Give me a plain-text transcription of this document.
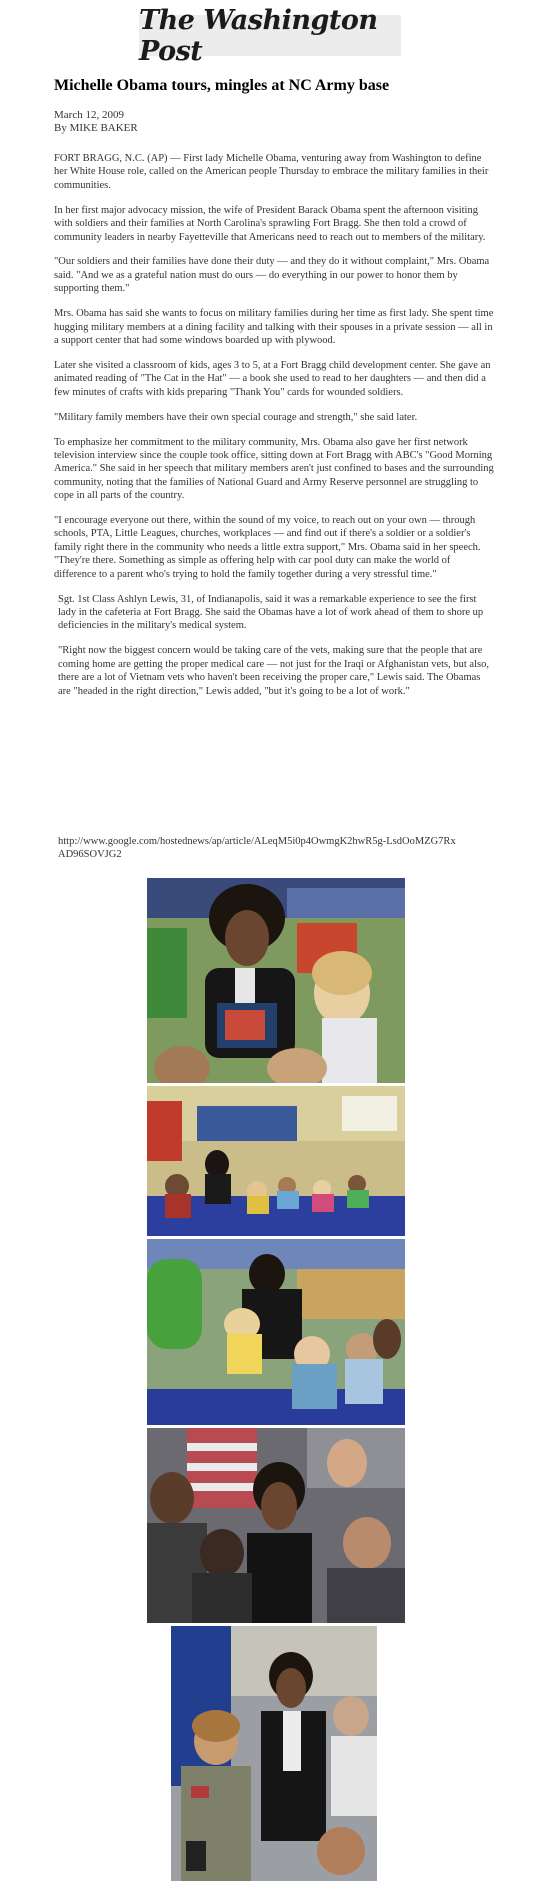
The Washington Post
Michelle Obama tours, mingles at NC Army base
March 12, 2009
By MIKE BAKER

FORT BRAGG, N.C. (AP) — First lady Michelle Obama, venturing away from Washington to define her White House role, called on the American people Thursday to embrace the military families in their communities.

In her first major advocacy mission, the wife of President Barack Obama spent the afternoon visiting with soldiers and their families at North Carolina's sprawling Fort Bragg. She then told a crowd of community leaders in nearby Fayetteville that Americans need to reach out to members of the military.

"Our soldiers and their families have done their duty — and they do it without complaint," Mrs. Obama said. "And we as a grateful nation must do ours — do everything in our power to honor them by supporting them."

Mrs. Obama has said she wants to focus on military families during her time as first lady. She spent time hugging military members at a dining facility and talking with their spouses in a private session — all in a support center that had some windows boarded up with plywood.

Later she visited a classroom of kids, ages 3 to 5, at a Fort Bragg child development center. She gave an animated reading of "The Cat in the Hat" — a book she used to read to her daughters — and then did a few minutes of crafts with kids preparing "Thank You" cards for wounded soldiers.

"Military family members have their own special courage and strength," she said later.

To emphasize her commitment to the military community, Mrs. Obama also gave her first network television interview since the couple took office, sitting down at Fort Bragg with ABC's "Good Morning America." She said in her speech that military members aren't just confined to bases and the surrounding community, noting that the families of National Guard and Army Reserve personnel are struggling to cope in all parts of the country.

"I encourage everyone out there, within the sound of my voice, to reach out on your own — through schools, PTA, Little Leagues, churches, workplaces — and find out if there's a soldier or a soldier's family right there in the community who needs a little extra support," Mrs. Obama said in her speech. "They're there. Something as simple as offering help with car pool duty can make the world of difference to a parent who's trying to hold the family together during a very stressful time."

Sgt. 1st Class Ashlyn Lewis, 31, of Indianapolis, said it was a remarkable experience to see the first lady in the cafeteria at Fort Bragg. She said the Obamas have a lot of work ahead of them to shore up deficiencies in the military's medical system.

"Right now the biggest concern would be taking care of the vets, making sure that the people that are coming home are getting the proper medical care — not just for the Iraqi or Afghanistan vets, but also, there are a lot of Vietnam vets who haven't been receiving the proper care," Lewis said. The Obamas are "headed in the right direction," Lewis added, "but it's going to be a lot of work."

http://www.google.com/hostednews/ap/article/ALeqM5i0p4OwmgK2hwR5g-LsdOoMZG7RxAD96SOVJG2
